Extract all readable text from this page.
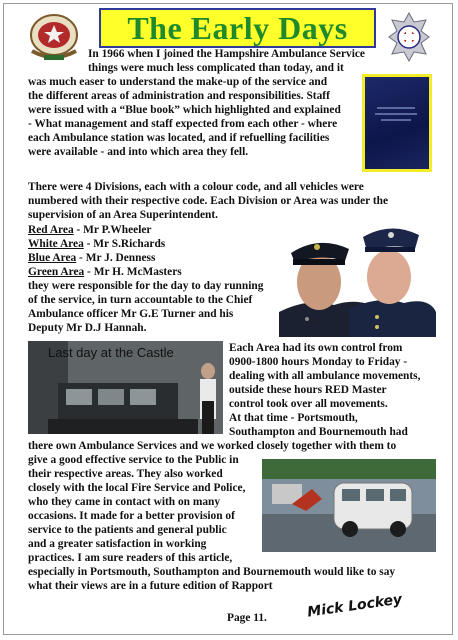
The Early Days
In 1966 when I joined the Hampshire Ambulance Service
things were much less complicated than today, and it
was much easer to understand the make-up of the service and
the different areas of administration and responsibilities. Staff
were issued with a “Blue book” which highlighted and explained
- What management and staff expected from each other - where
each Ambulance station was located, and if refuelling facilities
were available - and into which area they fell.
There were 4 Divisions, each with a colour code, and all vehicles were
numbered with their respective code. Each Division or Area was under the
supervision of an Area Superintendent.
Red Area - Mr P.Wheeler
White Area - Mr S.Richards
Blue Area - Mr J. Denness
Green Area - Mr H. McMasters
they were responsible for the day to day running
of the service, in turn accountable to the Chief
Ambulance officer Mr G.E Turner and his
Deputy Mr D.J Hannah.
Last day at the Castle	Each Area had its own control from
0900-1800 hours Monday to Friday -
dealing with all ambulance movements,
outside these hours RED Master
control took over all movements.
At that time - Portsmouth,
Southampton and Bournemouth had
there own Ambulance Services and we worked closely together with them to
give a good effective service to the Public in
their respective areas. They also worked
closely with the local Fire Service and Police,
who they came in contact with on many
occasions. It made for a better provision of
service to the patients and general public
and a greater satisfaction in working
practices. I am sure readers of this article,
especially in Portsmouth, Southampton and Bournemouth would like to say
what their views are in a future edition of Rapport
Page 11.	Mick Lockey
